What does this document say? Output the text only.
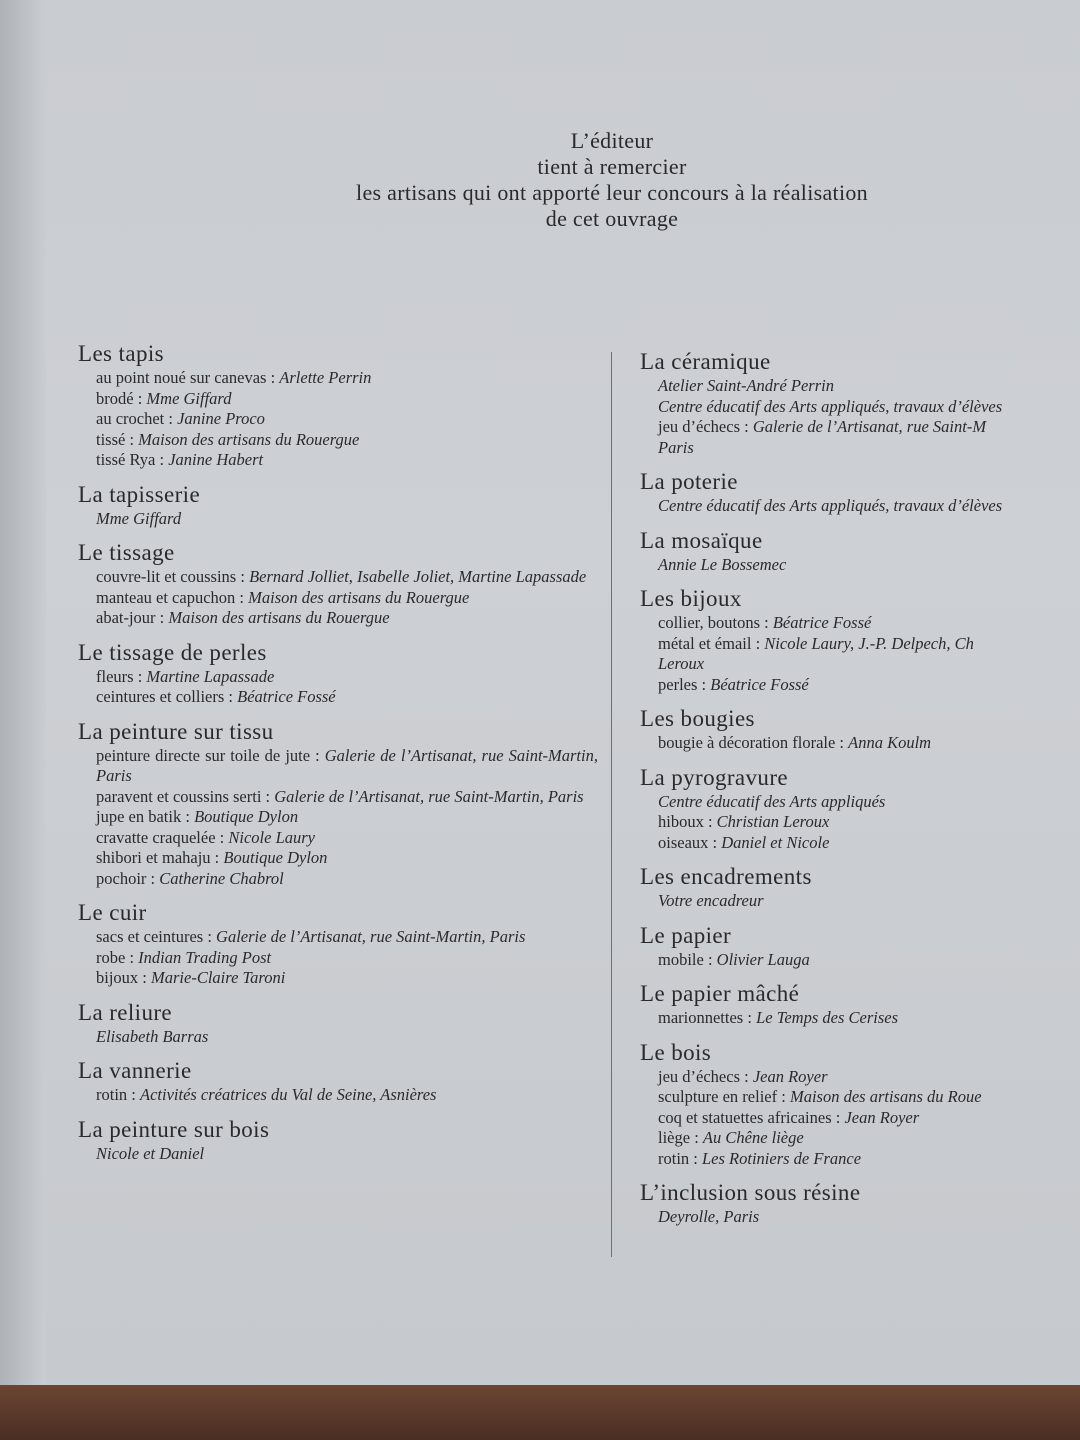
L’éditeur
tient à remercier
les artisans qui ont apporté leur concours à la réalisation
de cet ouvrage
Les tapis
au point noué sur canevas : Arlette Perrin
brodé : Mme Giffard
au crochet : Janine Proco
tissé : Maison des artisans du Rouergue
tissé Rya : Janine Habert
La tapisserie
Mme Giffard
Le tissage
couvre-lit et coussins : Bernard Jolliet, Isabelle Joliet, Martine Lapassade
manteau et capuchon : Maison des artisans du Rouergue
abat-jour : Maison des artisans du Rouergue
Le tissage de perles
fleurs : Martine Lapassade
ceintures et colliers : Béatrice Fossé
La peinture sur tissu
peinture directe sur toile de jute : Galerie de l’Artisanat, rue Saint-Martin, Paris
paravent et coussins serti : Galerie de l’Artisanat, rue Saint-Martin, Paris
jupe en batik : Boutique Dylon
cravatte craquelée : Nicole Laury
shibori et mahaju : Boutique Dylon
pochoir : Catherine Chabrol
Le cuir
sacs et ceintures : Galerie de l’Artisanat, rue Saint-Martin, Paris
robe : Indian Trading Post
bijoux : Marie-Claire Taroni
La reliure
Elisabeth Barras
La vannerie
rotin : Activités créatrices du Val de Seine, Asnières
La peinture sur bois
Nicole et Daniel
La céramique
Atelier Saint-André Perrin
Centre éducatif des Arts appliqués, travaux d’élèves
jeu d’échecs : Galerie de l’Artisanat, rue Saint-M
Paris
La poterie
Centre éducatif des Arts appliqués, travaux d’élèves
La mosaïque
Annie Le Bossemec
Les bijoux
collier, boutons : Béatrice Fossé
métal et émail : Nicole Laury, J.-P. Delpech, Ch
Leroux
perles : Béatrice Fossé
Les bougies
bougie à décoration florale : Anna Koulm
La pyrogravure
Centre éducatif des Arts appliqués
hiboux : Christian Leroux
oiseaux : Daniel et Nicole
Les encadrements
Votre encadreur
Le papier
mobile : Olivier Lauga
Le papier mâché
marionnettes : Le Temps des Cerises
Le bois
jeu d’échecs : Jean Royer
sculpture en relief : Maison des artisans du Roue
coq et statuettes africaines : Jean Royer
liège : Au Chêne liège
rotin : Les Rotiniers de France
L’inclusion sous résine
Deyrolle, Paris
